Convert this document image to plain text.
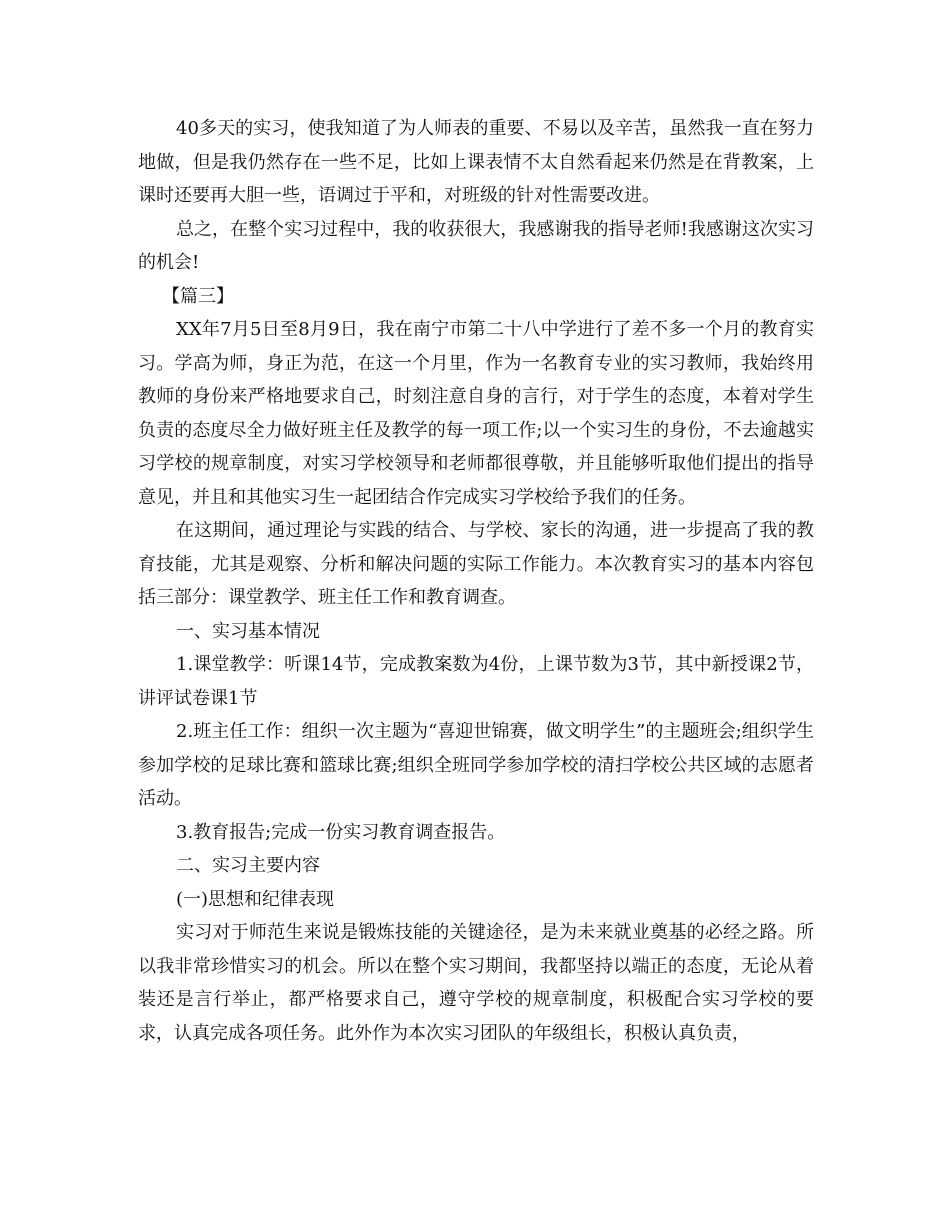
40多天的实习，使我知道了为人师表的重要、不易以及辛苦，虽然我一直在努力地做，但是我仍然存在一些不足，比如上课表情不太自然看起来仍然是在背教案，上课时还要再大胆一些，语调过于平和，对班级的针对性需要改进。

总之，在整个实习过程中，我的收获很大，我感谢我的指导老师!我感谢这次实习的机会!

【篇三】

XX年7月5日至8月9日，我在南宁市第二十八中学进行了差不多一个月的教育实习。学高为师，身正为范，在这一个月里，作为一名教育专业的实习教师，我始终用教师的身份来严格地要求自己，时刻注意自身的言行，对于学生的态度，本着对学生负责的态度尽全力做好班主任及教学的每一项工作;以一个实习生的身份，不去逾越实习学校的规章制度，对实习学校领导和老师都很尊敬，并且能够听取他们提出的指导意见，并且和其他实习生一起团结合作完成实习学校给予我们的任务。

在这期间，通过理论与实践的结合、与学校、家长的沟通，进一步提高了我的教育技能，尤其是观察、分析和解决问题的实际工作能力。本次教育实习的基本内容包括三部分：课堂教学、班主任工作和教育调查。

一、实习基本情况

1.课堂教学：听课14节，完成教案数为4份，上课节数为3节，其中新授课2节，讲评试卷课1节

2.班主任工作：组织一次主题为“喜迎世锦赛，做文明学生”的主题班会;组织学生参加学校的足球比赛和篮球比赛;组织全班同学参加学校的清扫学校公共区域的志愿者活动。

3.教育报告;完成一份实习教育调查报告。

二、实习主要内容

(一)思想和纪律表现

实习对于师范生来说是锻炼技能的关键途径，是为未来就业奠基的必经之路。所以我非常珍惜实习的机会。所以在整个实习期间，我都坚持以端正的态度，无论从着装还是言行举止，都严格要求自己，遵守学校的规章制度，积极配合实习学校的要求，认真完成各项任务。此外作为本次实习团队的年级组长，积极认真负责，
